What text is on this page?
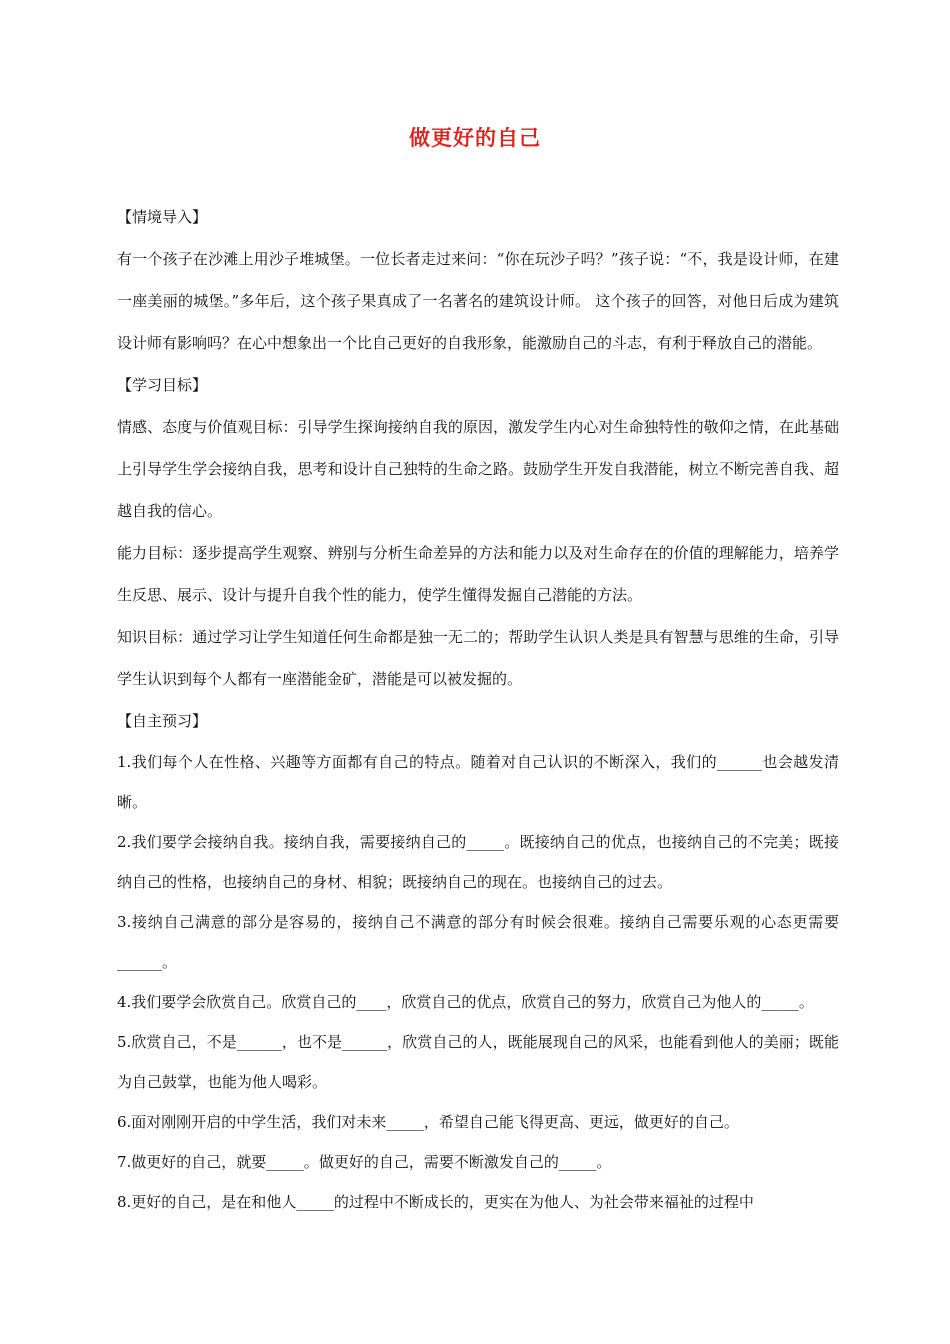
做更好的自己
【情境导入】
有一个孩子在沙滩上用沙子堆城堡。一位长者走过来问：“你在玩沙子吗？”孩子说：“不，我是设计师，在建一座美丽的城堡。”多年后，这个孩子果真成了一名著名的建筑设计师。 这个孩子的回答，对他日后成为建筑设计师有影响吗？在心中想象出一个比自己更好的自我形象，能激励自己的斗志，有利于释放自己的潜能。
【学习目标】
情感、态度与价值观目标：引导学生探询接纳自我的原因，激发学生内心对生命独特性的敬仰之情，在此基础上引导学生学会接纳自我，思考和设计自己独特的生命之路。鼓励学生开发自我潜能，树立不断完善自我、超越自我的信心。
能力目标：逐步提高学生观察、辨别与分析生命差异的方法和能力以及对生命存在的价值的理解能力，培养学生反思、展示、设计与提升自我个性的能力，使学生懂得发掘自己潜能的方法。
知识目标：通过学习让学生知道任何生命都是独一无二的；帮助学生认识人类是具有智慧与思维的生命，引导学生认识到每个人都有一座潜能金矿，潜能是可以被发掘的。
【自主预习】
1.我们每个人在性格、兴趣等方面都有自己的特点。随着对自己认识的不断深入，我们的______也会越发清晰。
2.我们要学会接纳自我。接纳自我，需要接纳自己的_____。既接纳自己的优点，也接纳自己的不完美；既接纳自己的性格，也接纳自己的身材、相貌；既接纳自己的现在。也接纳自己的过去。
3.接纳自己满意的部分是容易的，接纳自己不满意的部分有时候会很难。接纳自己需要乐观的心态更需要______。
4.我们要学会欣赏自己。欣赏自己的____，欣赏自己的优点，欣赏自己的努力，欣赏自己为他人的_____。
5.欣赏自己，不是______，也不是______，欣赏自己的人，既能展现自己的风采，也能看到他人的美丽；既能为自己鼓掌，也能为他人喝彩。
6.面对刚刚开启的中学生活，我们对未来_____，希望自己能飞得更高、更远，做更好的自己。
7.做更好的自己，就要_____。做更好的自己，需要不断激发自己的_____。
8.更好的自己，是在和他人_____的过程中不断成长的，更实在为他人、为社会带来福祉的过程中
